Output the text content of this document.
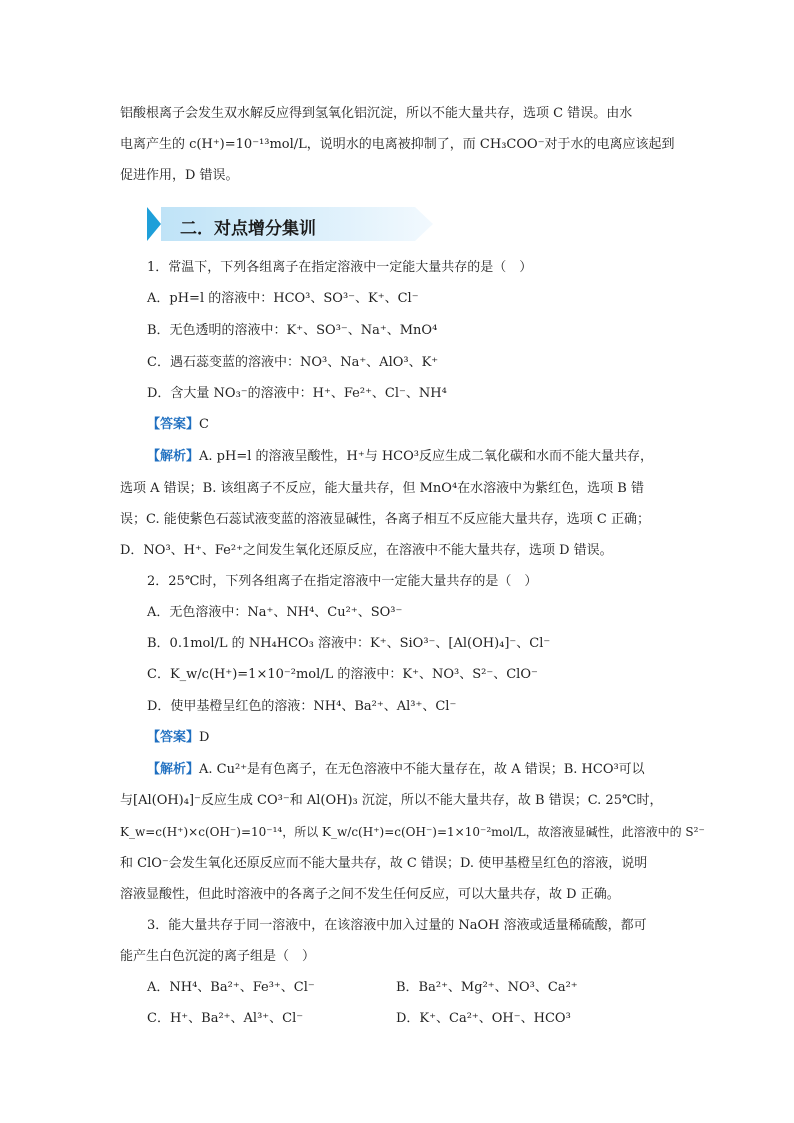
铝酸根离子会发生双水解反应得到氢氧化铝沉淀，所以不能大量共存，选项 C 错误。由水
电离产生的 c(H⁺)=10⁻¹³mol/L，说明水的电离被抑制了，而 CH₃COO⁻对于水的电离应该起到
促进作用，D 错误。
二．对点增分集训
1．常温下，下列各组离子在指定溶液中一定能大量共存的是（　）
A．pH=l 的溶液中：HCO³、SO³⁻、K⁺、Cl⁻
B．无色透明的溶液中：K⁺、SO³⁻、Na⁺、MnO⁴
C．遇石蕊变蓝的溶液中：NO³、Na⁺、AlO³、K⁺
D．含大量 NO₃⁻的溶液中：H⁺、Fe²⁺、Cl⁻、NH⁴
【答案】C
【解析】A. pH=l 的溶液呈酸性，H⁺与 HCO³反应生成二氧化碳和水而不能大量共存，
选项 A 错误；B. 该组离子不反应，能大量共存，但 MnO⁴在水溶液中为紫红色，选项 B 错
误；C. 能使紫色石蕊试液变蓝的溶液显碱性，各离子相互不反应能大量共存，选项 C 正确；
D．NO³、H⁺、Fe²⁺之间发生氧化还原反应，在溶液中不能大量共存，选项 D 错误。
2．25℃时，下列各组离子在指定溶液中一定能大量共存的是（　）
A．无色溶液中：Na⁺、NH⁴、Cu²⁺、SO³⁻
B．0.1mol/L 的 NH₄HCO₃ 溶液中：K⁺、SiO³⁻、[Al(OH)₄]⁻、Cl⁻
C．K_w/c(H⁺)=1×10⁻²mol/L 的溶液中：K⁺、NO³、S²⁻、ClO⁻
D．使甲基橙呈红色的溶液：NH⁴、Ba²⁺、Al³⁺、Cl⁻
【答案】D
【解析】A. Cu²⁺是有色离子，在无色溶液中不能大量存在，故 A 错误；B. HCO³可以
与[Al(OH)₄]⁻反应生成 CO³⁻和 Al(OH)₃ 沉淀，所以不能大量共存，故 B 错误；C. 25℃时，
K_w=c(H⁺)×c(OH⁻)=10⁻¹⁴，所以 K_w/c(H⁺)=c(OH⁻)=1×10⁻²mol/L，故溶液显碱性，此溶液中的 S²⁻
和 ClO⁻会发生氧化还原反应而不能大量共存，故 C 错误；D. 使甲基橙呈红色的溶液，说明
溶液显酸性，但此时溶液中的各离子之间不发生任何反应，可以大量共存，故 D 正确。
3．能大量共存于同一溶液中，在该溶液中加入过量的 NaOH 溶液或适量稀硫酸，都可
能产生白色沉淀的离子组是（　）
A．NH⁴、Ba²⁺、Fe³⁺、Cl⁻	B．Ba²⁺、Mg²⁺、NO³、Ca²⁺
C．H⁺、Ba²⁺、Al³⁺、Cl⁻	D．K⁺、Ca²⁺、OH⁻、HCO³
